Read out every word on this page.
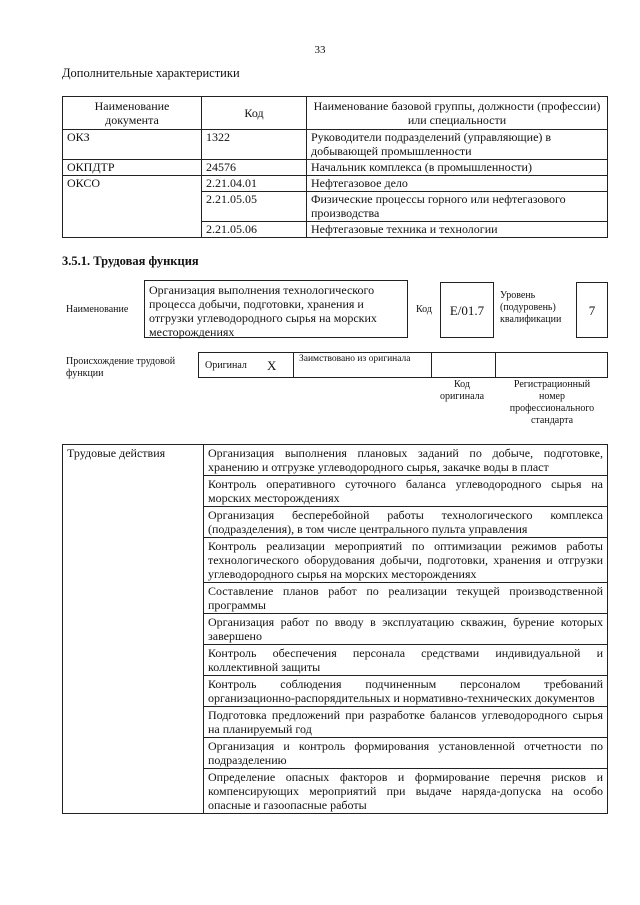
33
Дополнительные характеристики
Наименование документа	Код	Наименование базовой группы, должности (профессии) или специальности
ОКЗ	1322	Руководители подразделений (управляющие) в добывающей промышленности
ОКПДТР	24576	Начальник комплекса (в промышленности)
ОКСО	2.21.04.01	Нефтегазовое дело
	2.21.05.05	Физические процессы горного или нефтегазового производства
	2.21.05.06	Нефтегазовые техника и технологии
3.5.1. Трудовая функция
Наименование
Организация выполнения технологического процесса добычи, подготовки, хранения и отгрузки углеводородного сырья на морских месторождениях
Код	Е/01.7
Уровень (подуровень) квалификации
7
Происхождение трудовой функции
Оригинал Х Заимствовано из оригинала
Код оригинала
Регистрационный номер профессионального стандарта
Трудовые действия	Организация выполнения плановых заданий по добыче, подготовке, хранению и отгрузке углеводородного сырья, закачке воды в пласт
Контроль оперативного суточного баланса углеводородного сырья на морских месторождениях
Организация бесперебойной работы технологического комплекса (подразделения), в том числе центрального пульта управления
Контроль реализации мероприятий по оптимизации режимов работы технологического оборудования добычи, подготовки, хранения и отгрузки углеводородного сырья на морских месторождениях
Составление планов работ по реализации текущей производственной программы
Организация работ по вводу в эксплуатацию скважин, бурение которых завершено
Контроль обеспечения персонала средствами индивидуальной и коллективной защиты
Контроль соблюдения подчиненным персоналом требований организационно-распорядительных и нормативно-технических документов
Подготовка предложений при разработке балансов углеводородного сырья на планируемый год
Организация и контроль формирования установленной отчетности по подразделению
Определение опасных факторов и формирование перечня рисков и компенсирующих мероприятий при выдаче наряда-допуска на особо опасные и газоопасные работы
